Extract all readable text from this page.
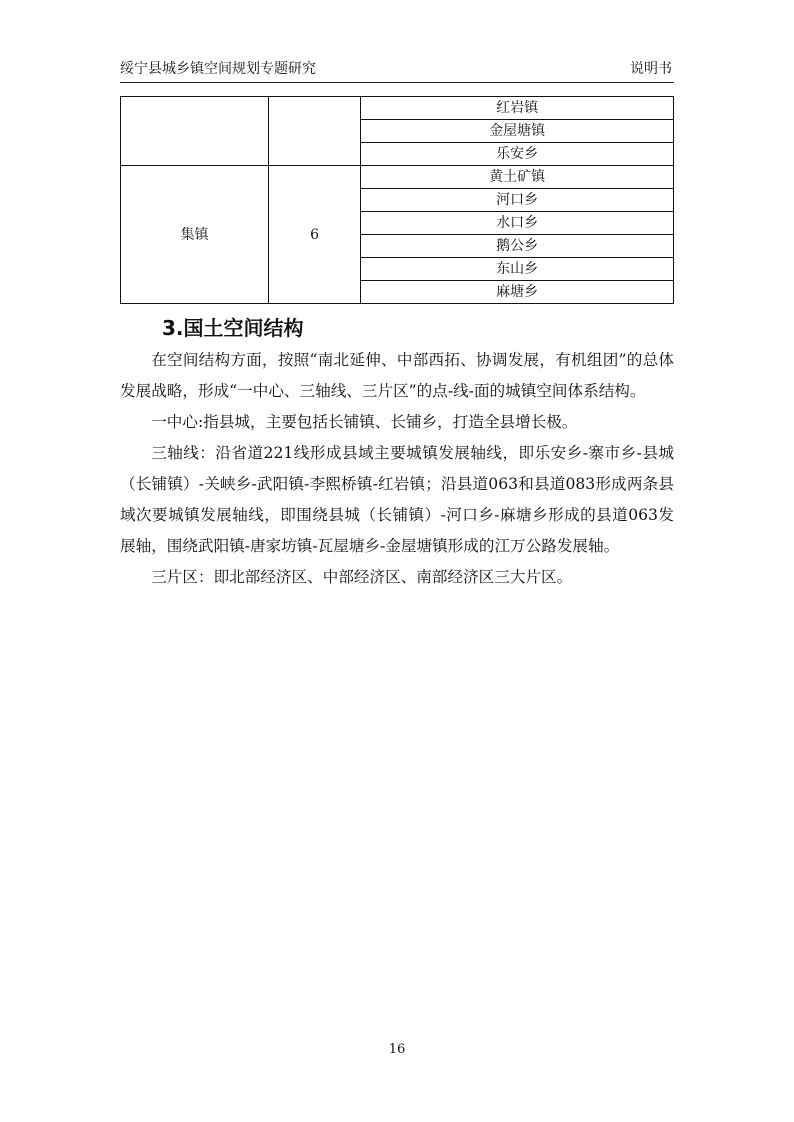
绥宁县城乡镇空间规划专题研究	说明书
		红岩镇
		金屋塘镇
		乐安乡
集镇	6	黄土矿镇
		河口乡
		水口乡
		鹅公乡
		东山乡
		麻塘乡
3.国土空间结构

在空间结构方面，按照“南北延伸、中部西拓、协调发展，有机组团”的总体发展战略，形成“一中心、三轴线、三片区”的点-线-面的城镇空间体系结构。

一中心:指县城，主要包括长铺镇、长铺乡，打造全县增长极。

三轴线：沿省道221线形成县域主要城镇发展轴线，即乐安乡-寨市乡-县城（长铺镇）-关峡乡-武阳镇-李熙桥镇-红岩镇；沿县道063和县道083形成两条县域次要城镇发展轴线，即围绕县城（长铺镇）-河口乡-麻塘乡形成的县道063发展轴，围绕武阳镇-唐家坊镇-瓦屋塘乡-金屋塘镇形成的江万公路发展轴。

三片区：即北部经济区、中部经济区、南部经济区三大片区。

16
